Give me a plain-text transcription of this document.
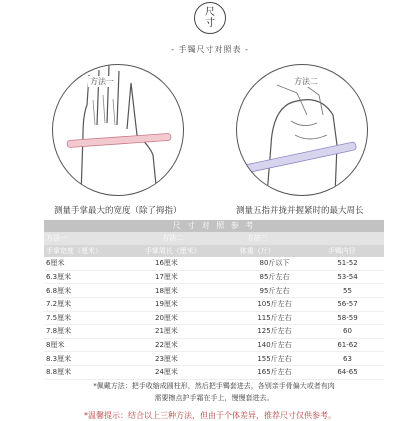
尺
寸
- 手镯尺寸对照表 -
方法一	方法二
测量手掌最大的宽度（除了拇指）	测量五指并拢并握紧时的最大周长
尺 寸 对 照 参 考
方法一	方法二	方法三
手掌宽度（厘米）	手掌周长（厘米）	体重（斤）	手镯内径
6厘米	16厘米	80斤以下	51-52
6.3厘米	17厘米	85斤左右	53-54
6.8厘米	18厘米	95斤左右	55
7.2厘米	19厘米	105斤左右	56-57
7.5厘米	20厘米	115斤左右	58-59
7.8厘米	21厘米	125斤左右	60
8厘米	22厘米	140斤左右	61-62
8.3厘米	23厘米	155斤左右	63
8.8厘米	24厘米	165斤左右	64-65
*佩戴方法：把手收缩成圆柱形，然后把手镯套进去，各别亲手骨偏大或者有肉
需要擦点护手霜在手上，慢慢套进去。
*温馨提示：结合以上三种方法，但由于个体差异，推荐尺寸仅供参考。
